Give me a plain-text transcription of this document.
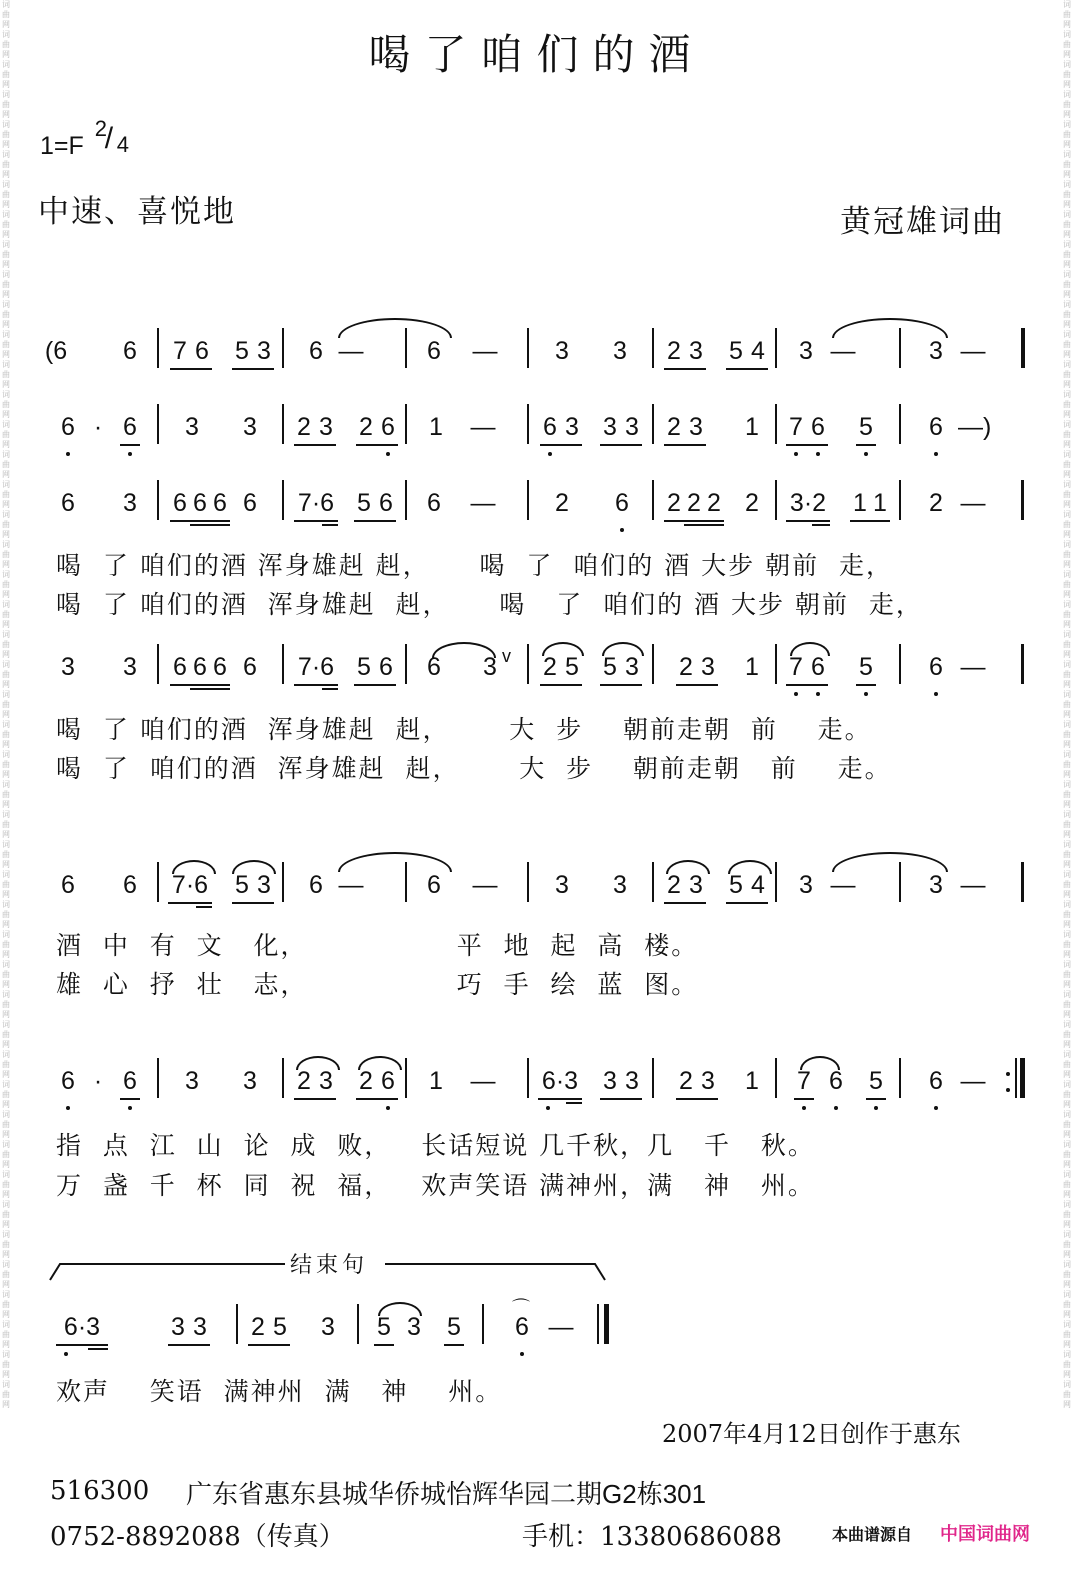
词曲网词曲网词曲网词曲网词曲网词曲网词曲网词曲网词曲网词曲网词曲网词曲网词曲网词曲网词曲网词曲网词曲网词曲网词曲网词曲网词曲网词曲网词曲网词曲网词曲网词曲网词曲网词曲网词曲网词曲网词曲网词曲网词曲网词曲网词曲网词曲网词曲网词曲网词曲网词曲网词曲网词曲网词曲网词曲网词曲网词曲网词曲网
词曲网词曲网词曲网词曲网词曲网词曲网词曲网词曲网词曲网词曲网词曲网词曲网词曲网词曲网词曲网词曲网词曲网词曲网词曲网词曲网词曲网词曲网词曲网词曲网词曲网词曲网词曲网词曲网词曲网词曲网词曲网词曲网词曲网词曲网词曲网词曲网词曲网词曲网词曲网词曲网词曲网词曲网词曲网词曲网词曲网词曲网词曲网
喝了咱们的酒
1=F
2
/ 4
中速、喜悦地	黄冠雄词曲
(6	6 7 6 5 3 6 —	6 — 3 3 2 3 5 4 3 —	3 —
6 · 6 3 3 2 3 2 6 1 — 6 3 3 3 2 3 1 7 6 5 6 —)
6 3 6 6 6 6 7·6 5 6 6 — 2 6 2 2 2 2 3·2 1 1 2 —
喝  了 咱们的酒 浑身雄赳 赳，     喝  了  咱们的 酒 大步 朝前  走，
喝  了 咱们的酒  浑身雄赳  赳，     喝   了  咱们的 酒 大步 朝前  走，
3 3 6 6 6 6 7·6 5 6 6 3 v 2 5 5 3 2 3 1 7 6 5 6 —
喝  了 咱们的酒  浑身雄赳  赳，      大  步    朝前走朝  前    走。
喝  了  咱们的酒  浑身雄赳  赳，      大  步    朝前走朝   前    走。
6 6 7·6 5 3 6 —	6 — 3 3 2 3 5 4 3 —	3 —
酒  中  有  文   化，               平  地  起  高  楼。
雄  心  抒  壮   志，               巧  手  绘  蓝  图。
6 · 6 3 3 2 3 2 6 1 — 6·3 3 3 2 3 1 7 6 5 6 —
指  点  江  山  论  成  败，   长话短说 几千秋，几   千   秋。
万  盏  千  杯  同  祝  福，   欢声笑语 满神州，满   神   州。
结束句
6·3	3 3 2 5 3 5 3 5
⌒
6 —
欢声    笑语  满神州  满   神    州。
2007年4月12日创作于惠东
516300 广东省惠东县城华侨城怡辉华园二期G2栋301
0752-8892088（传真）	手机：13380686088	本曲谱源自 中国词曲网
